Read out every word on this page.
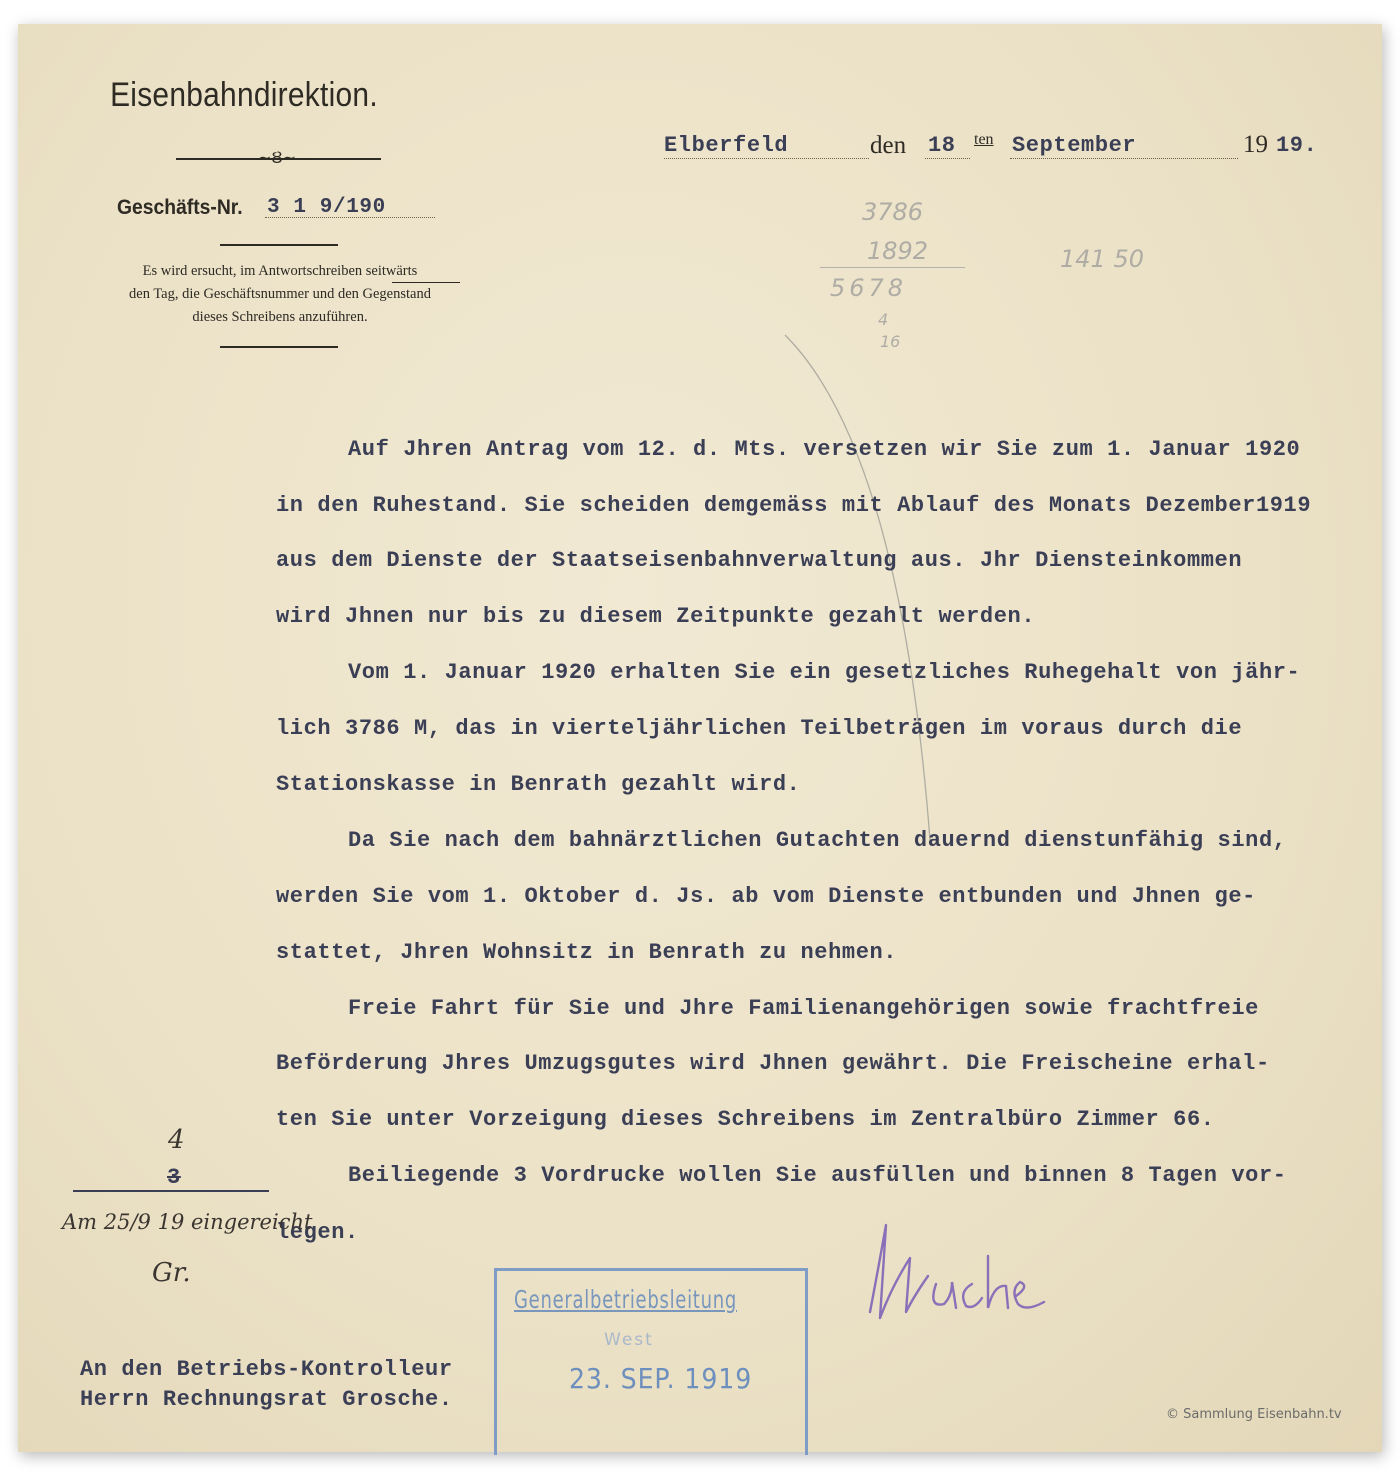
Eisenbahndirektion.
~Ȣ~
Geschäfts-Nr. 3 1 9/190
Es wird ersucht, im Antwortschreiben seitwärts
den Tag, die Geschäftsnummer und den Gegenstand
dieses Schreibens anzuführen.
Elberfeld	den 18 ten September	19 19.
3786
1892
5678
141 50
4
16
Auf Jhren Antrag vom 12. d. Mts. versetzen wir Sie zum 1. Januar 1920
in den Ruhestand. Sie scheiden demgemäss mit Ablauf des Monats Dezember1919
aus dem Dienste der Staatseisenbahnverwaltung aus. Jhr Diensteinkommen
wird Jhnen nur bis zu diesem Zeitpunkte gezahlt werden.
Vom 1. Januar 1920 erhalten Sie ein gesetzliches Ruhegehalt von jähr-
lich 3786 M, das in vierteljährlichen Teilbeträgen im voraus durch die
Stationskasse in Benrath gezahlt wird.
Da Sie nach dem bahnärztlichen Gutachten dauernd dienstunfähig sind,
werden Sie vom 1. Oktober d. Js. ab vom Dienste entbunden und Jhnen ge-
stattet, Jhren Wohnsitz in Benrath zu nehmen.
Freie Fahrt für Sie und Jhre Familienangehörigen sowie frachtfreie
Beförderung Jhres Umzugsgutes wird Jhnen gewährt. Die Freischeine erhal-
ten Sie unter Vorzeigung dieses Schreibens im Zentralbüro Zimmer 66.
Beiliegende 3 Vordrucke wollen Sie ausfüllen und binnen 8 Tagen vor-
legen.
4
3
Am 25/9 19 eingereicht
Gr.
Generalbetriebsleitung
West
23. SEP. 1919
An den Betriebs-Kontrolleur
Herrn Rechnungsrat Grosche.
© Sammlung Eisenbahn.tv
